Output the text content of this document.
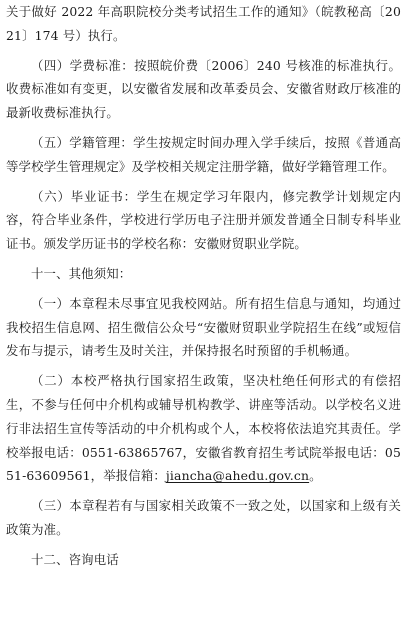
关于做好 2022 年高职院校分类考试招生工作的通知》（皖教秘高〔2021〕174 号）执行。

（四）学费标准：按照皖价费〔2006〕240 号核准的标准执行。收费标准如有变更，以安徽省发展和改革委员会、安徽省财政厅核准的最新收费标准执行。

（五）学籍管理：学生按规定时间办理入学手续后，按照《普通高等学校学生管理规定》及学校相关规定注册学籍，做好学籍管理工作。

（六）毕业证书：学生在规定学习年限内，修完教学计划规定内容，符合毕业条件，学校进行学历电子注册并颁发普通全日制专科毕业证书。颁发学历证书的学校名称：安徽财贸职业学院。

十一、其他须知：

（一）本章程未尽事宜见我校网站。所有招生信息与通知，均通过我校招生信息网、招生微信公众号“安徽财贸职业学院招生在线”或短信发布与提示，请考生及时关注，并保持报名时预留的手机畅通。

（二）本校严格执行国家招生政策，坚决杜绝任何形式的有偿招生，不参与任何中介机构或辅导机构教学、讲座等活动。以学校名义进行非法招生宣传等活动的中介机构或个人，本校将依法追究其责任。学校举报电话：0551-63865767，安徽省教育招生考试院举报电话：0551-63609561，举报信箱：jiancha@ahedu.gov.cn。

（三）本章程若有与国家相关政策不一致之处，以国家和上级有关政策为准。

十二、咨询电话
